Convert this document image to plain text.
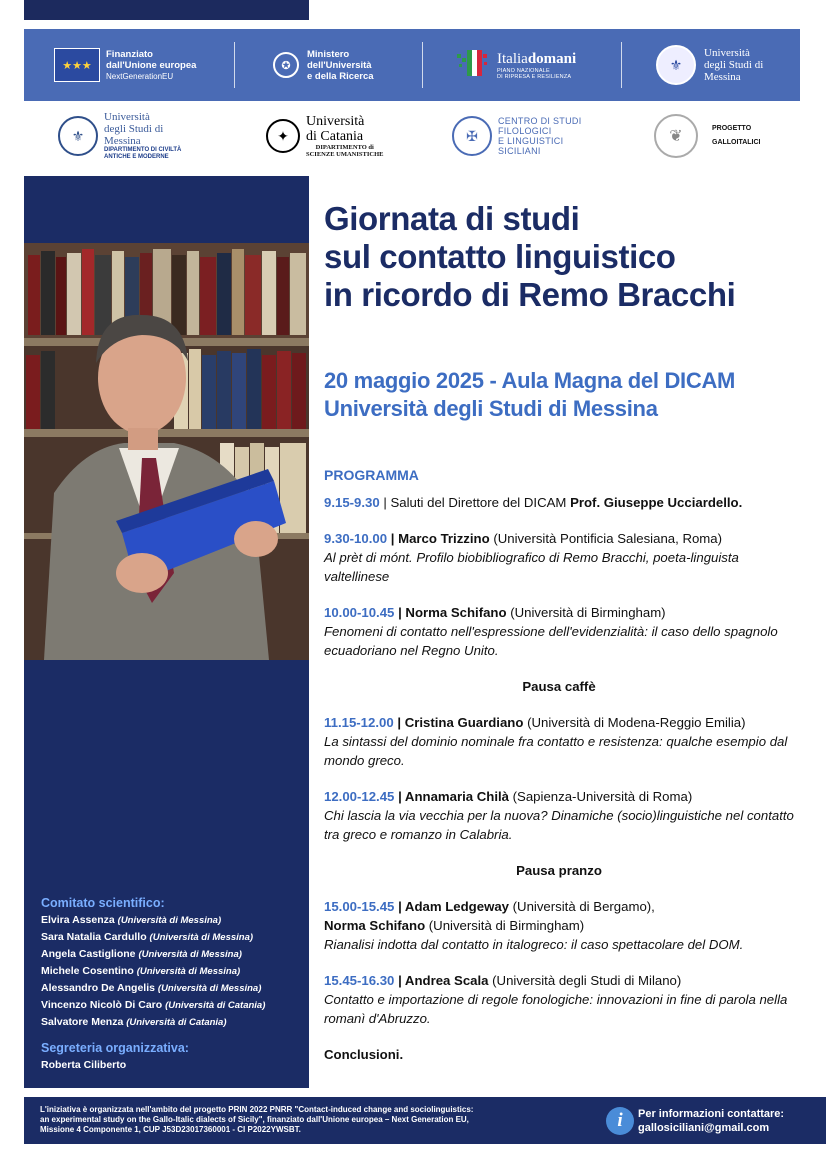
★★★
Finanziato
dall'Unione europea
NextGenerationEU
✪
Ministero
dell'Università
e della Ricerca
Italiadomani
PIANO NAZIONALE
DI RIPRESA E RESILIENZA
⚜
Università
degli Studi di
Messina
⚜
Università
degli Studi di
Messina
DIPARTIMENTO DI CIVILTÀ
ANTICHE E MODERNE
✦
Università
di Catania
DIPARTIMENTO di
SCIENZE UMANISTICHE
✠
CENTRO DI STUDI
FILOLOGICI
E LINGUISTICI
SICILIANI
❦	PROGETTO
GALLOITALICI
Giornata di studi
sul contatto linguistico
in ricordo di Remo Bracchi
20 maggio 2025 - Aula Magna del DICAM
Università degli Studi di Messina
PROGRAMMA
9.15-9.30 | Saluti del Direttore del DICAM Prof. Giuseppe Ucciardello.
9.30-10.00 | Marco Trizzino (Università Pontificia Salesiana, Roma)
Al prèt di mónt. Profilo biobibliografico di Remo Bracchi, poeta-linguista valtellinese
10.00-10.45 | Norma Schifano (Università di Birmingham)
Fenomeni di contatto nell'espressione dell'evidenzialità: il caso dello spagnolo ecuadoriano nel Regno Unito.
Pausa caffè
11.15-12.00 | Cristina Guardiano (Università di Modena-Reggio Emilia)
La sintassi del dominio nominale fra contatto e resistenza: qualche esempio dal mondo greco.
12.00-12.45 | Annamaria Chilà (Sapienza-Università di Roma)
Chi lascia la via vecchia per la nuova? Dinamiche (socio)linguistiche nel contatto tra greco e romanzo in Calabria.
Pausa pranzo
15.00-15.45 | Adam Ledgeway (Università di Bergamo),
Norma Schifano (Università di Birmingham)
Rianalisi indotta dal contatto in italogreco: il caso spettacolare del DOM.
15.45-16.30 | Andrea Scala (Università degli Studi di Milano)
Contatto e importazione di regole fonologiche: innovazioni in fine di parola nella romanì d'Abruzzo.
Conclusioni.
Comitato scientifico:
Elvira Assenza (Università di Messina)
Sara Natalia Cardullo (Università di Messina)
Angela Castiglione (Università di Messina)
Michele Cosentino (Università di Messina)
Alessandro De Angelis (Università di Messina)
Vincenzo Nicolò Di Caro (Università di Catania)
Salvatore Menza (Università di Catania)
Segreteria organizzativa:
Roberta Ciliberto
L'iniziativa è organizzata nell'ambito del progetto PRIN 2022 PNRR "Contact-induced change and sociolinguistics:
an experimental study on the Gallo-Italic dialects of Sicily", finanziato dall'Unione europea – Next Generation EU,
Missione 4 Componente 1, CUP J53D23017360001 - CI P2022YWSBT.	i	Per informazioni contattare:
gallosiciliani@gmail.com
